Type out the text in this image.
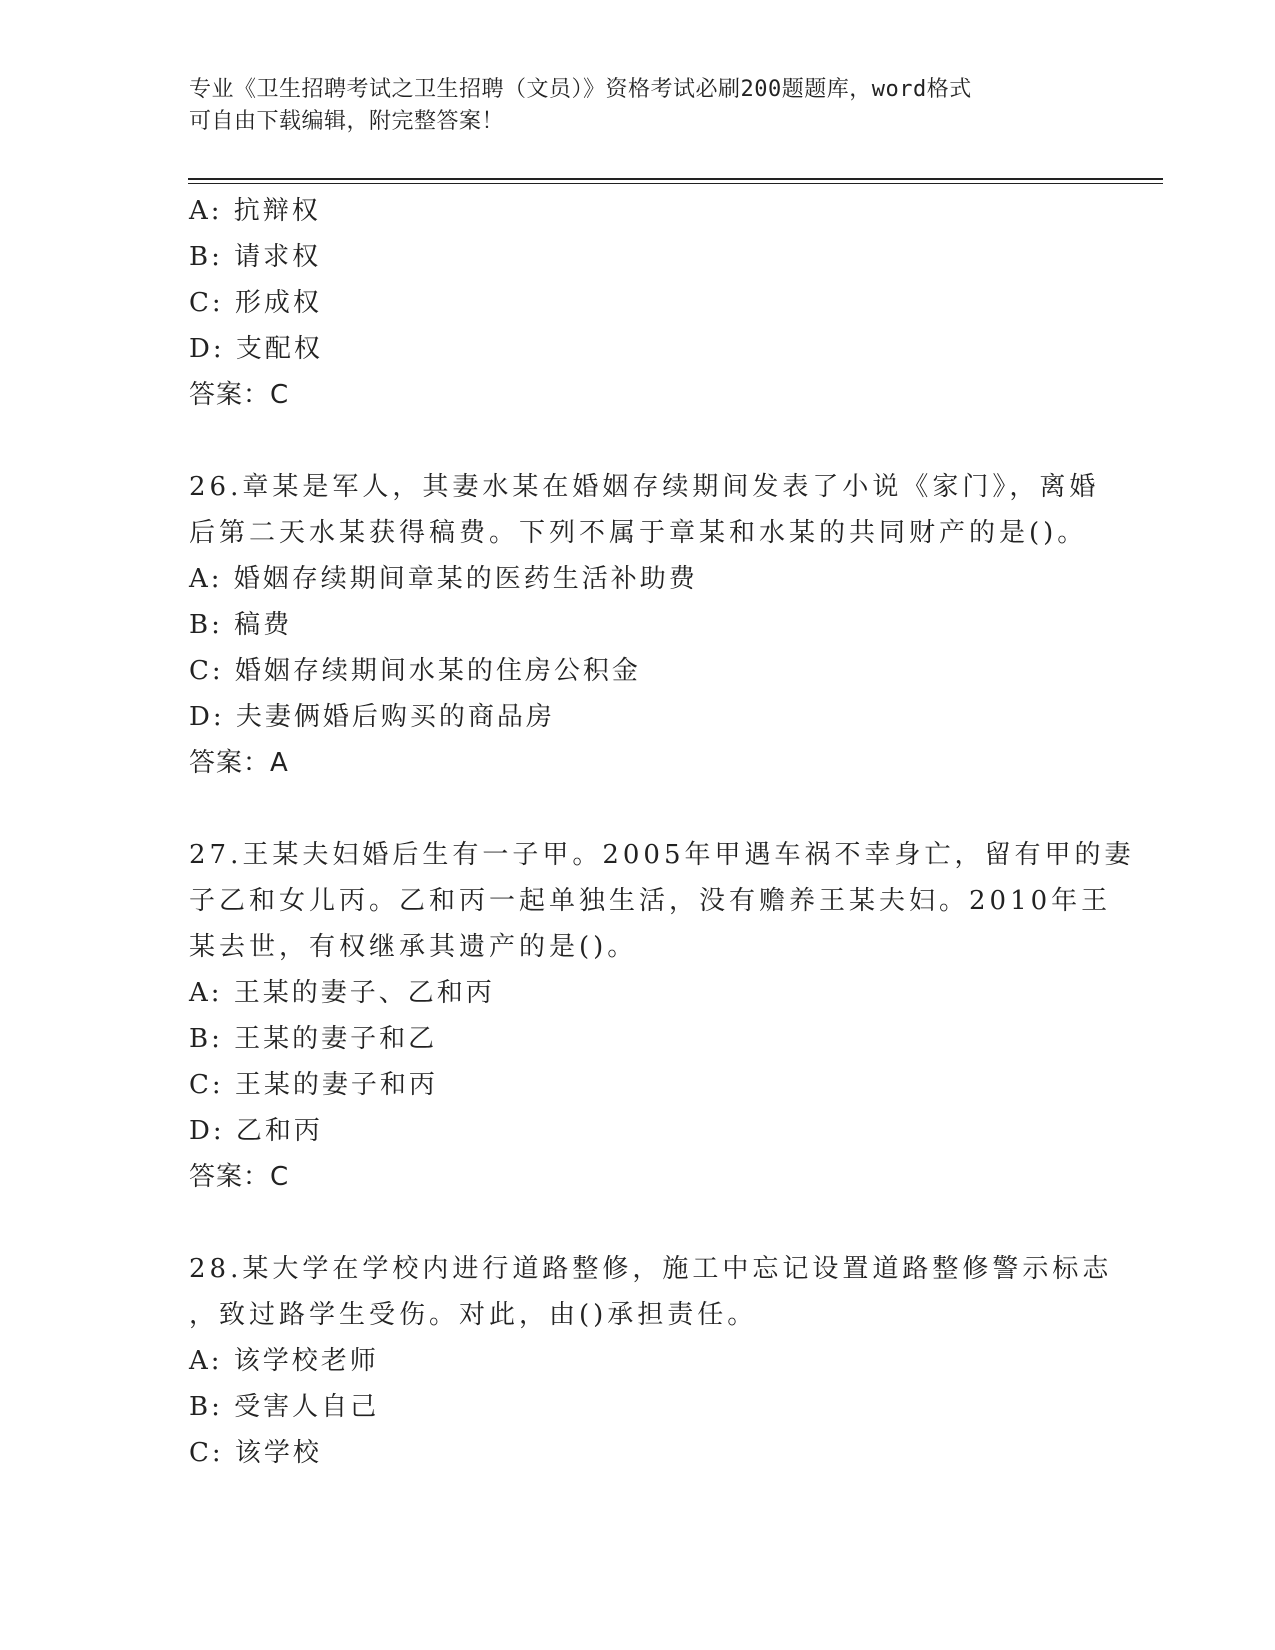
专业《卫生招聘考试之卫生招聘（文员）》资格考试必刷200题题库，word格式
可自由下载编辑，附完整答案！
A: 抗辩权
B: 请求权
C: 形成权
D: 支配权
答案：C
26.章某是军人，其妻水某在婚姻存续期间发表了小说《家门》，离婚
后第二天水某获得稿费。下列不属于章某和水某的共同财产的是()。
A: 婚姻存续期间章某的医药生活补助费
B: 稿费
C: 婚姻存续期间水某的住房公积金
D: 夫妻俩婚后购买的商品房
答案：A
27.王某夫妇婚后生有一子甲。2005年甲遇车祸不幸身亡，留有甲的妻
子乙和女儿丙。乙和丙一起单独生活，没有赡养王某夫妇。2010年王
某去世，有权继承其遗产的是()。
A: 王某的妻子、乙和丙
B: 王某的妻子和乙
C: 王某的妻子和丙
D: 乙和丙
答案：C
28.某大学在学校内进行道路整修，施工中忘记设置道路整修警示标志
，致过路学生受伤。对此，由()承担责任。
A: 该学校老师
B: 受害人自己
C: 该学校
